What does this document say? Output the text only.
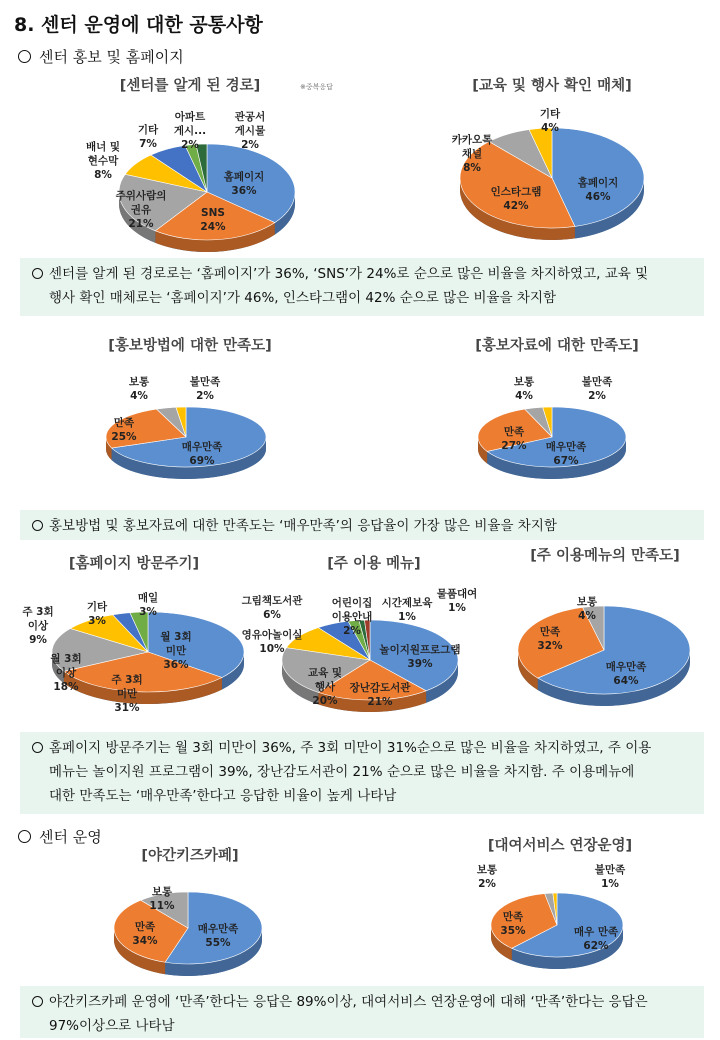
8. 센터 운영에 대한 공통사항
센터 홍보 및 홈페이지
센터 운영
센터를 알게 된 경로로는 ‘홈페이지’가 36%, ‘SNS’가 24%로 순으로 많은 비율을 차지하였고, 교육 및
행사 확인 매체로는 ‘홈페이지’가 46%, 인스타그램이 42% 순으로 많은 비율을 차지함
홍보방법 및 홍보자료에 대한 만족도는 ‘매우만족’의 응답율이 가장 많은 비율을 차지함
홈페이지 방문주기는 월 3회 미만이 36%, 주 3회 미만이 31%순으로 많은 비율을 차지하였고, 주 이용
메뉴는 놀이지원 프로그램이 39%, 장난감도서관이 21% 순으로 많은 비율을 차지함. 주 이용메뉴에
대한 만족도는 ‘매우만족’한다고 응답한 비율이 높게 나타남
야간키즈카페 운영에 ‘만족’한다는 응답은 89%이상, 대여서비스 연장운영에 대해 ‘만족’한다는 응답은
97%이상으로 나타남
[센터를 알게 된 경로]	※중복응답
홈페이지 36%
SNS 24%
주위사람의 권유 21%
배너 및 현수막 8%
기타 7%
아파트 게시... 2%
관공서 게시물 2%
[교육 및 행사 확인 매체]
홈페이지 46%
인스타그램 42%
카카오톡 채널 8%
기타 4%
[홍보방법에 대한 만족도]
매우만족 69%
만족 25%
보통 4%
불만족 2%
[홍보자료에 대한 만족도]
매우만족 67%
만족 27%
보통 4%
불만족 2%
[홈페이지 방문주기]
월 3회 미만 36%
주 3회 미만 31%
월 3회 이상 18%
주 3회 이상 9%
기타 3%
매일 3%
[주 이용 메뉴]
놀이지원프로그램 39%
장난감도서관 21%
교육 및 행사 20%
영유아놀이실 10%
그림책도서관 6%
어린이집 이용안내 2%
시간제보육 1%
물품대여 1%
[주 이용메뉴의 만족도]
매우만족 64%
만족 32%
보통 4%
[야간키즈카페]
매우만족 55%
만족 34%
보통 11%
[대여서비스 연장운영]
매우 만족 62%
만족 35%
보통 2%
불만족 1%
